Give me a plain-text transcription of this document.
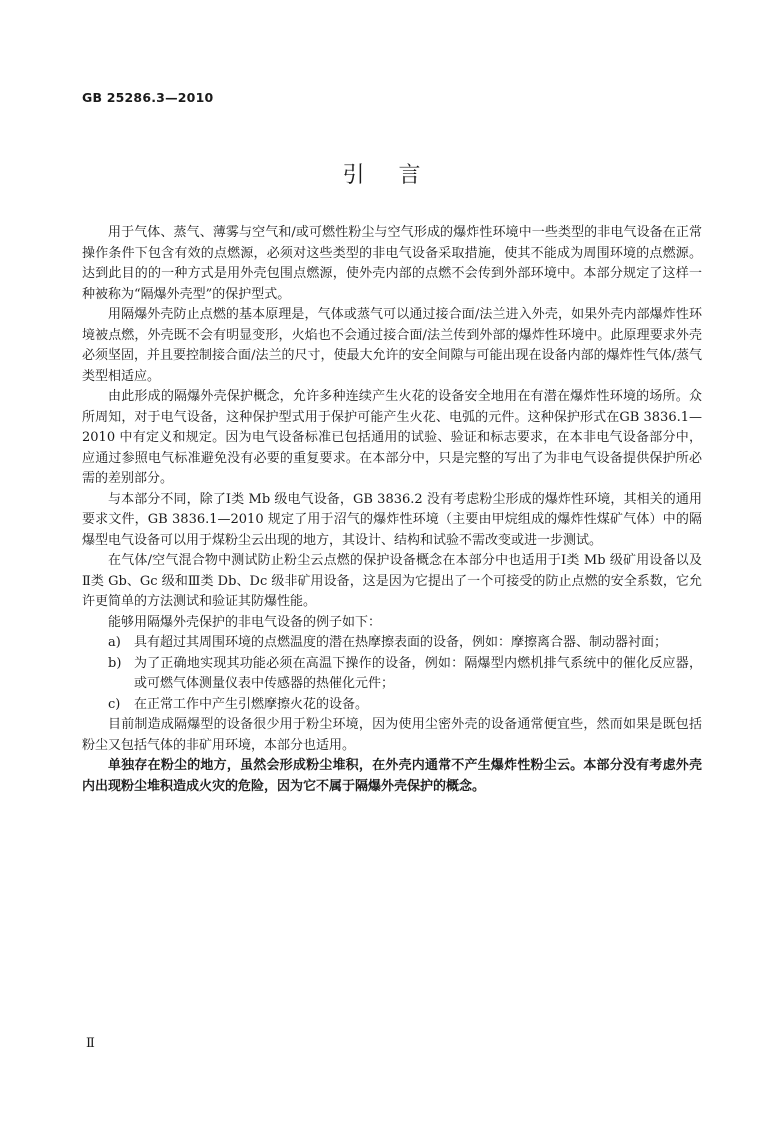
GB 25286.3—2010
引言

用于气体、蒸气、薄雾与空气和/或可燃性粉尘与空气形成的爆炸性环境中一些类型的非电气设备在正常操作条件下包含有效的点燃源，必须对这些类型的非电气设备采取措施，使其不能成为周围环境的点燃源。达到此目的的一种方式是用外壳包围点燃源，使外壳内部的点燃不会传到外部环境中。本部分规定了这样一种被称为“隔爆外壳型”的保护型式。

用隔爆外壳防止点燃的基本原理是，气体或蒸气可以通过接合面/法兰进入外壳，如果外壳内部爆炸性环境被点燃，外壳既不会有明显变形，火焰也不会通过接合面/法兰传到外部的爆炸性环境中。此原理要求外壳必须坚固，并且要控制接合面/法兰的尺寸，使最大允许的安全间隙与可能出现在设备内部的爆炸性气体/蒸气类型相适应。

由此形成的隔爆外壳保护概念，允许多种连续产生火花的设备安全地用在有潜在爆炸性环境的场所。众所周知，对于电气设备，这种保护型式用于保护可能产生火花、电弧的元件。这种保护形式在GB 3836.1—2010 中有定义和规定。因为电气设备标准已包括通用的试验、验证和标志要求，在本非电气设备部分中，应通过参照电气标准避免没有必要的重复要求。在本部分中，只是完整的写出了为非电气设备提供保护所必需的差别部分。

与本部分不同，除了Ⅰ类 Mb 级电气设备，GB 3836.2 没有考虑粉尘形成的爆炸性环境，其相关的通用要求文件，GB 3836.1—2010 规定了用于沼气的爆炸性环境（主要由甲烷组成的爆炸性煤矿气体）中的隔爆型电气设备可以用于煤粉尘云出现的地方，其设计、结构和试验不需改变或进一步测试。

在气体/空气混合物中测试防止粉尘云点燃的保护设备概念在本部分中也适用于Ⅰ类 Mb 级矿用设备以及Ⅱ类 Gb、Gc 级和Ⅲ类 Db、Dc 级非矿用设备，这是因为它提出了一个可接受的防止点燃的安全系数，它允许更简单的方法测试和验证其防爆性能。

能够用隔爆外壳保护的非电气设备的例子如下：

a)	具有超过其周围环境的点燃温度的潜在热摩擦表面的设备，例如：摩擦离合器、制动器衬面；
b) 为了正确地实现其功能必须在高温下操作的设备，例如：隔爆型内燃机排气系统中的催化反应器，或可燃气体测量仪表中传感器的热催化元件；
c)	在正常工作中产生引燃摩擦火花的设备。

目前制造成隔爆型的设备很少用于粉尘环境，因为使用尘密外壳的设备通常便宜些，然而如果是既包括粉尘又包括气体的非矿用环境，本部分也适用。

单独存在粉尘的地方，虽然会形成粉尘堆积，在外壳内通常不产生爆炸性粉尘云。本部分没有考虑外壳内出现粉尘堆积造成火灾的危险，因为它不属于隔爆外壳保护的概念。

Ⅱ
